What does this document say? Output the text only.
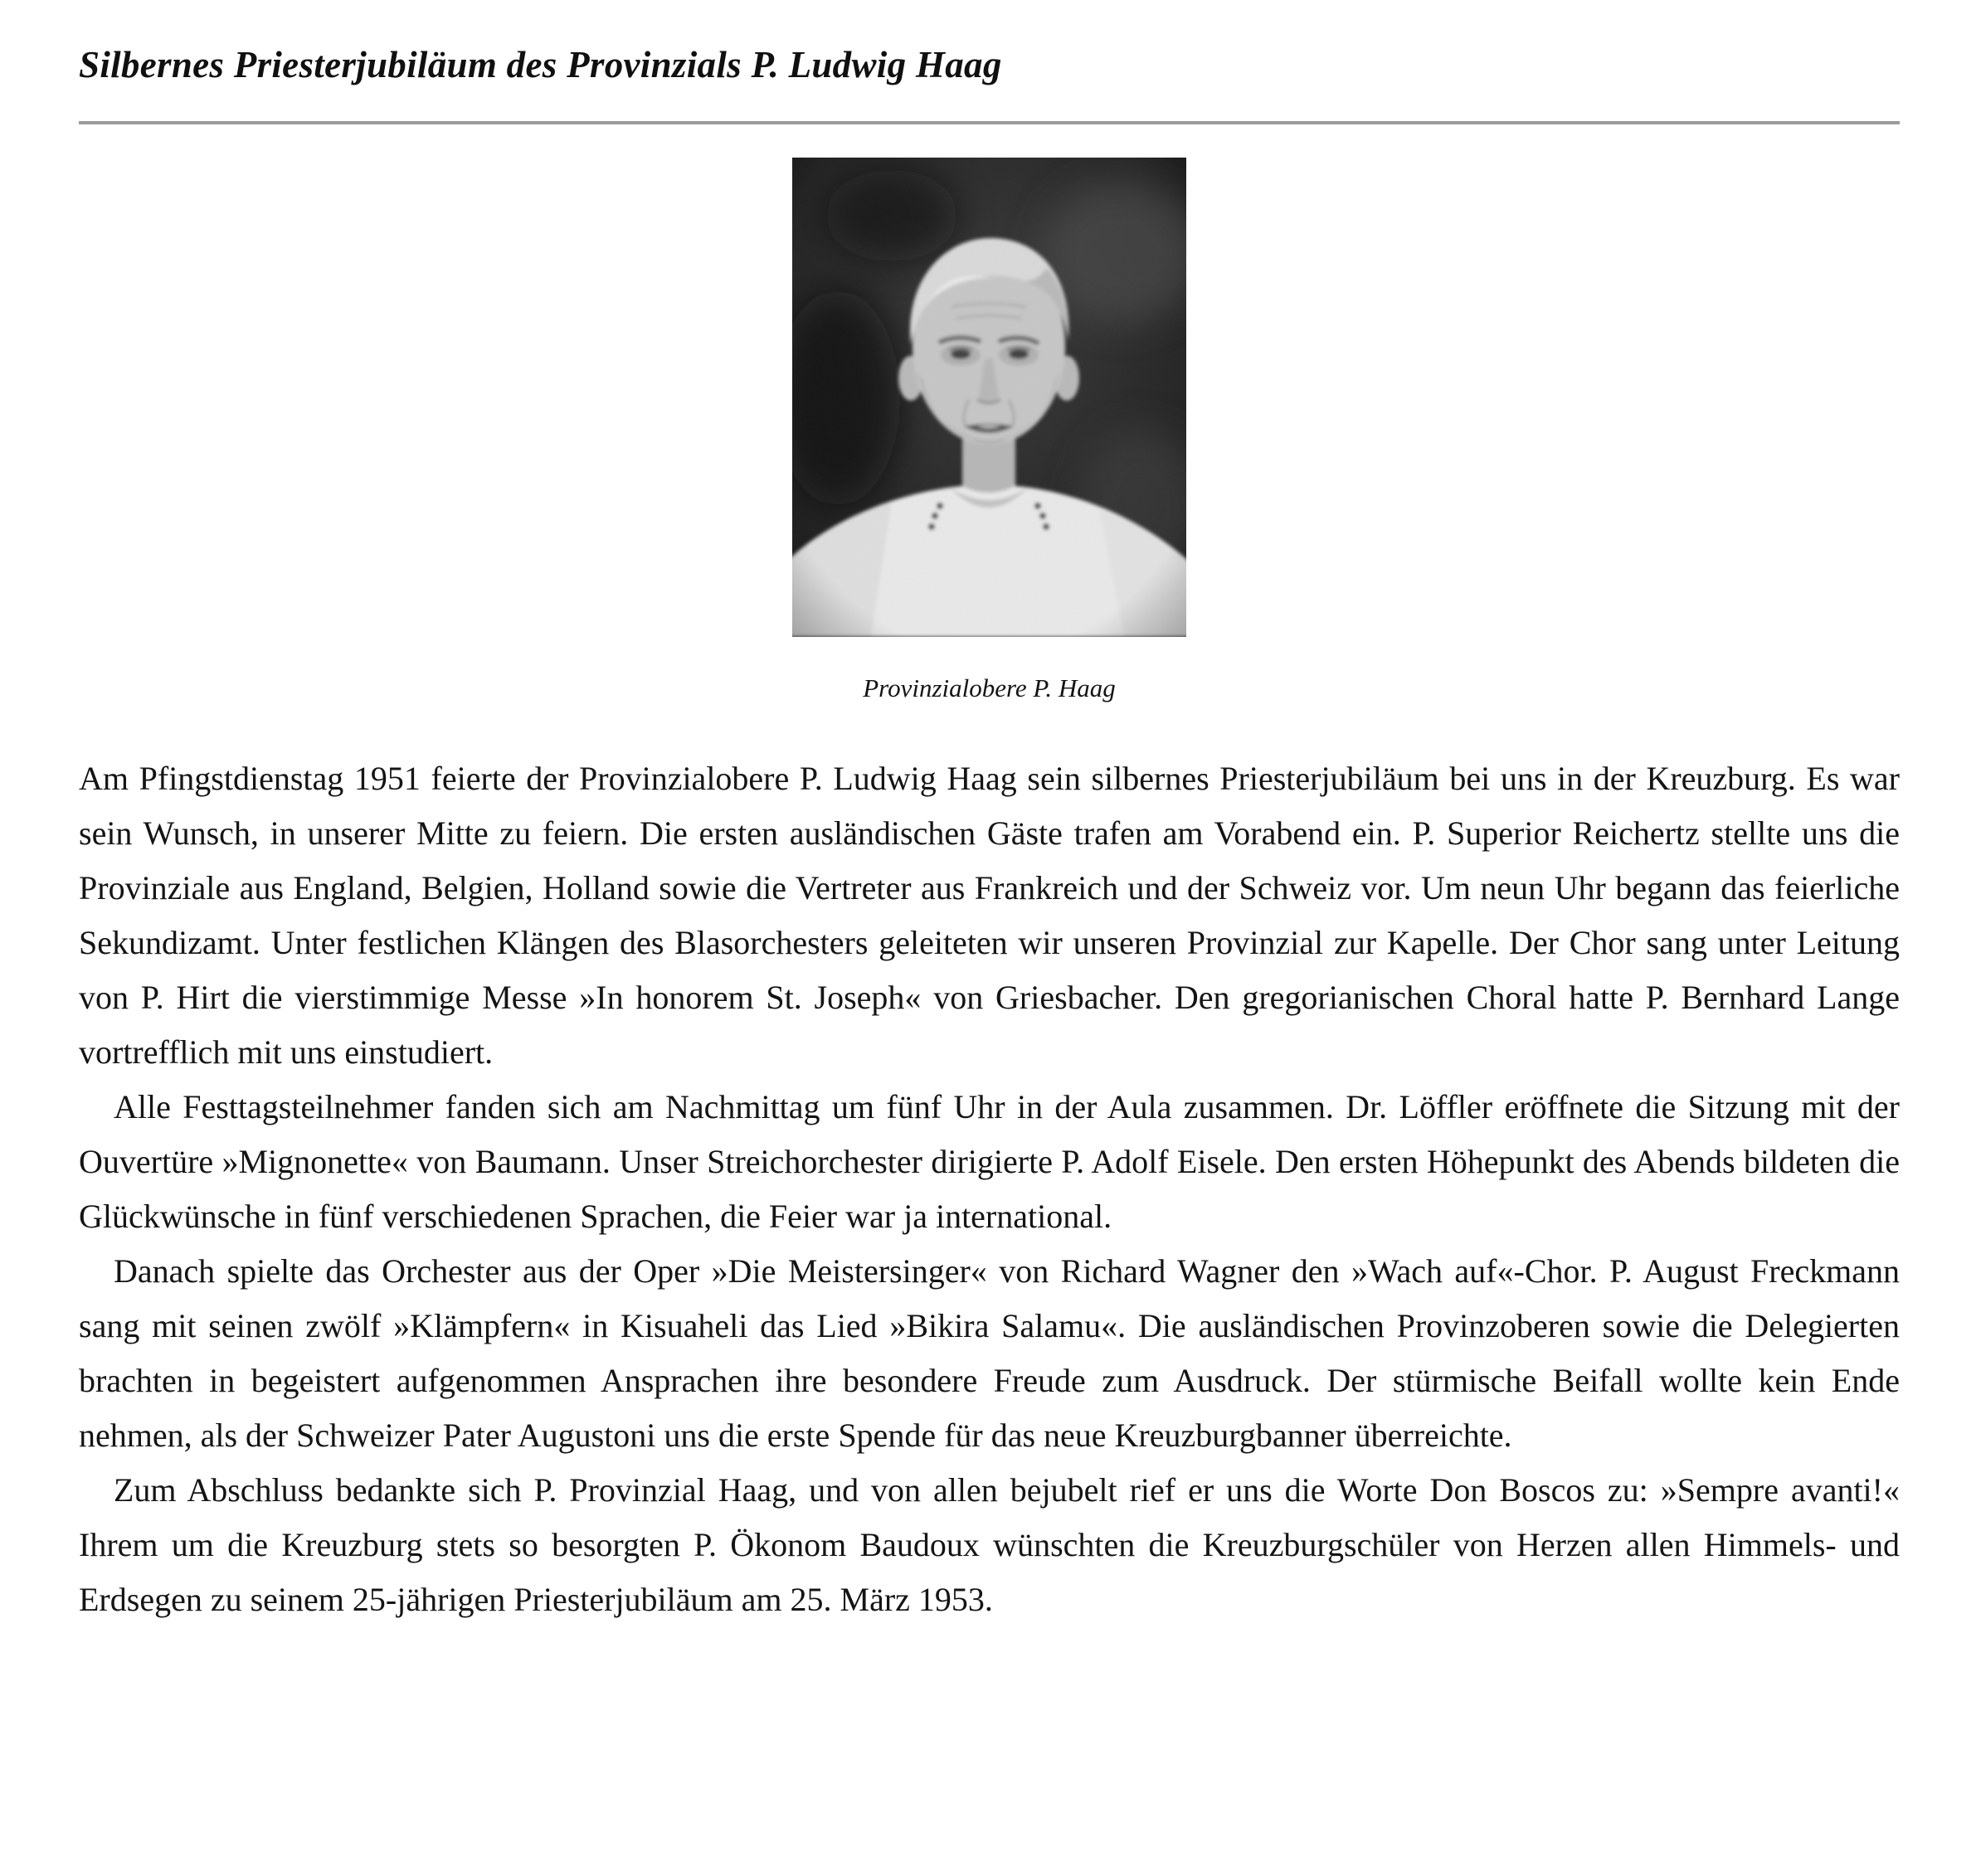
Silbernes Priesterjubiläum des Provinzials P. Ludwig Haag
Provinzialobere P. Haag

Am Pfingstdienstag 1951 feierte der Provinzialobere P. Ludwig Haag sein silbernes Priesterjubiläum bei uns in der Kreuzburg. Es war sein Wunsch, in unserer Mitte zu feiern. Die ersten ausländischen Gäste trafen am Vorabend ein. P. Superior Reichertz stellte uns die Provinziale aus England, Belgien, Holland sowie die Vertreter aus Frankreich und der Schweiz vor. Um neun Uhr begann das feierliche Sekundizamt. Unter festlichen Klängen des Blasorchesters geleiteten wir unseren Provinzial zur Kapelle. Der Chor sang unter Leitung von P. Hirt die vierstimmige Messe »In honorem St. Joseph« von Griesbacher. Den gregorianischen Choral hatte P. Bernhard Lange vortrefflich mit uns einstudiert.

Alle Festtagsteilnehmer fanden sich am Nachmittag um fünf Uhr in der Aula zusammen. Dr. Löffler eröffnete die Sitzung mit der Ouvertüre »Mignonette« von Baumann. Unser Streichorchester dirigierte P. Adolf Eisele. Den ersten Höhepunkt des Abends bildeten die Glückwünsche in fünf verschiedenen Sprachen, die Feier war ja international.

Danach spielte das Orchester aus der Oper »Die Meistersinger« von Richard Wagner den »Wach auf«-Chor. P. August Freckmann sang mit seinen zwölf »Klämpfern« in Kisuaheli das Lied »Bikira Salamu«. Die ausländischen Provinzoberen sowie die Delegierten brachten in begeistert aufgenommen Ansprachen ihre besondere Freude zum Ausdruck. Der stürmische Beifall wollte kein Ende nehmen, als der Schweizer Pater Augustoni uns die erste Spende für das neue Kreuzburgbanner überreichte.

Zum Abschluss bedankte sich P. Provinzial Haag, und von allen bejubelt rief er uns die Worte Don Boscos zu: »Sempre avanti!« Ihrem um die Kreuzburg stets so besorgten P. Ökonom Baudoux wünschten die Kreuzburgschüler von Herzen allen Himmels- und Erdsegen zu seinem 25-jährigen Priesterjubiläum am 25. März 1953.
